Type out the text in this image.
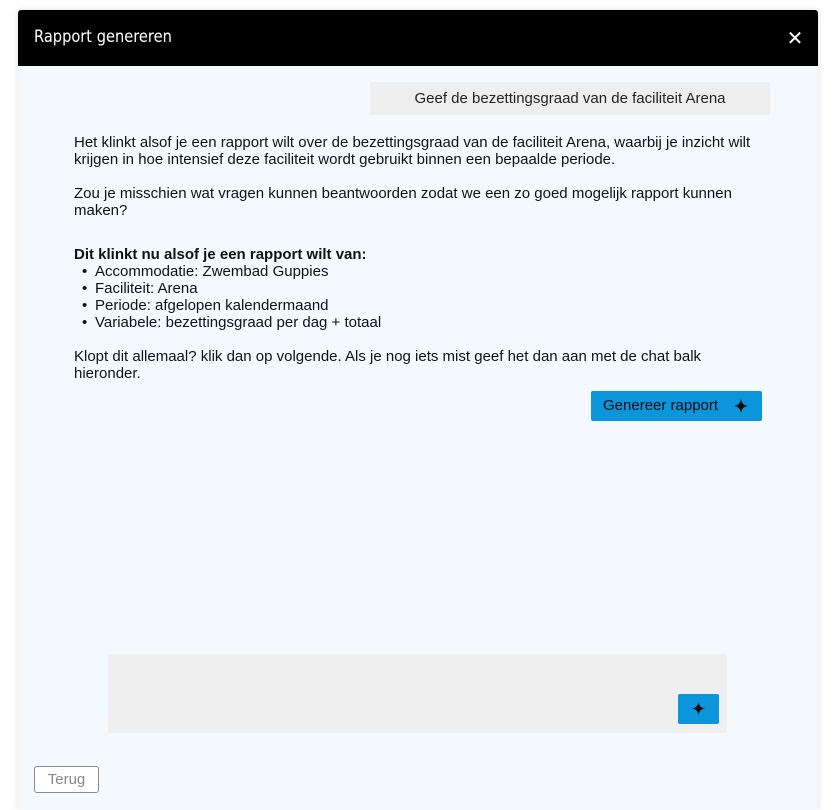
Rapport genereren	✕
Geef de bezettingsgraad van de faciliteit Arena

Het klinkt alsof je een rapport wilt over de bezettingsgraad van de faciliteit Arena, waarbij je inzicht wilt krijgen in hoe intensief deze faciliteit wordt gebruikt binnen een bepaalde periode.

Zou je misschien wat vragen kunnen beantwoorden zodat we een zo goed mogelijk rapport kunnen maken?

Dit klinkt nu alsof je een rapport wilt van:

• Accommodatie: Zwembad Guppies
• Faciliteit: Arena
• Periode: afgelopen kalendermaand
• Variabele: bezettingsgraad per dag + totaal

Klopt dit allemaal? klik dan op volgende. Als je nog iets mist geef het dan aan met de chat balk hieronder.

Genereer rapport
Terug
